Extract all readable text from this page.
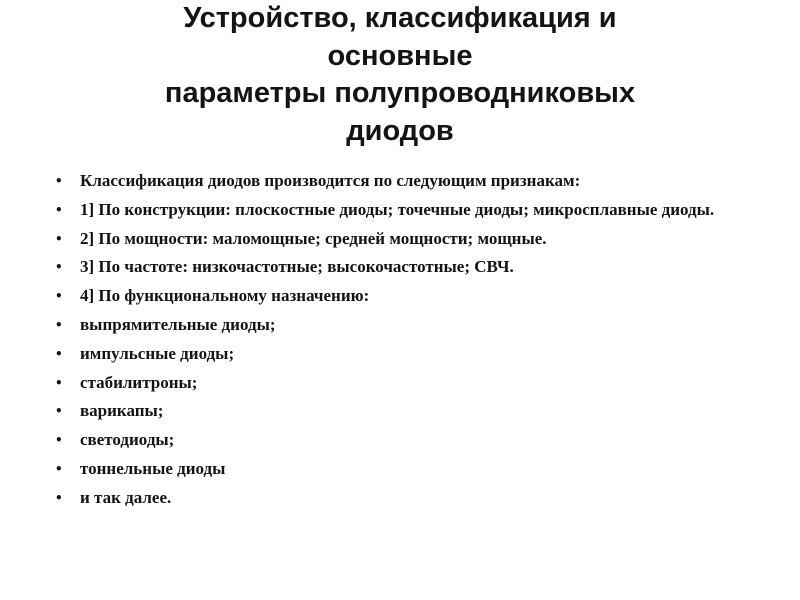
Устройство, классификация и
основные
параметры полупроводниковых
диодов
• Классификация диодов производится по следующим признакам:
• 1] По конструкции: плоскостные диоды; точечные диоды; микросплавные диоды.
• 2] По мощности: маломощные; средней мощности; мощные.
• 3] По частоте: низкочастотные; высокочастотные; СВЧ.
• 4] По функциональному назначению:
• выпрямительные диоды;
• импульсные диоды;
• стабилитроны;
• варикапы;
• светодиоды;
• тоннельные диоды
• и так далее.
